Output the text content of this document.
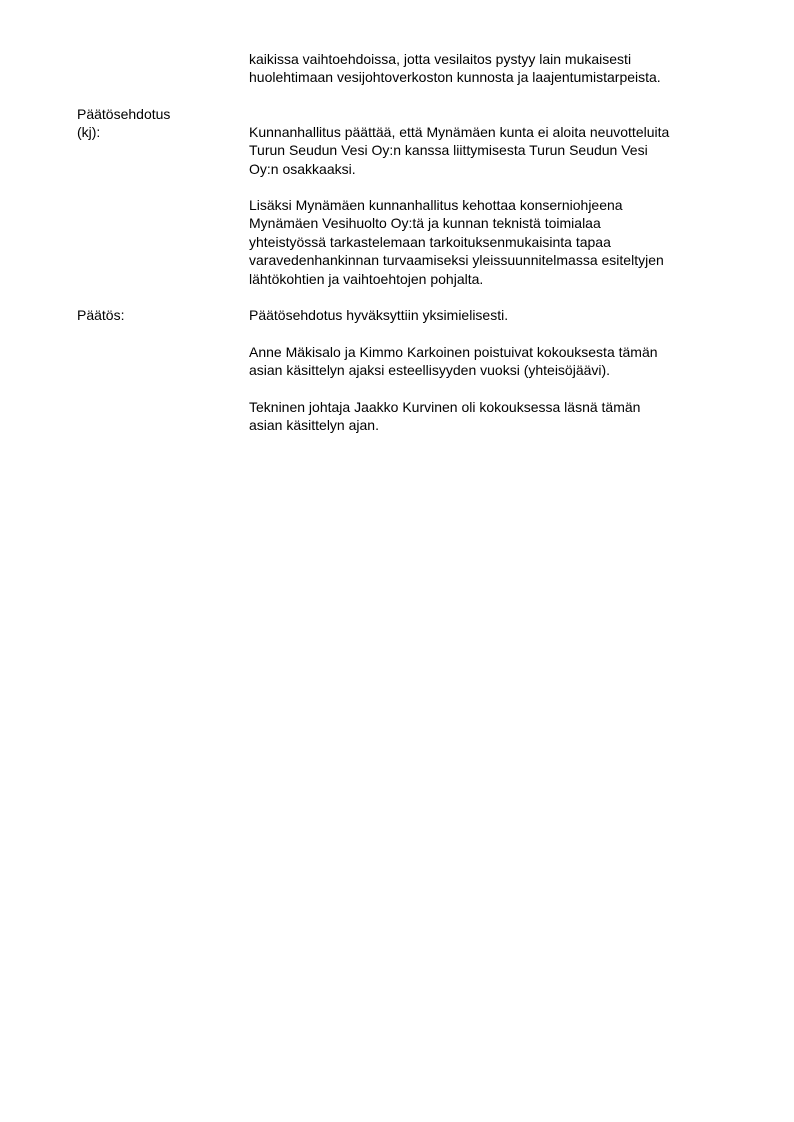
kaikissa vaihtoehdoissa, jotta vesilaitos pystyy lain mukaisesti
huolehtimaan vesijohtoverkoston kunnosta ja laajentumistarpeista.
Päätösehdotus
(kj):	Kunnanhallitus päättää, että Mynämäen kunta ei aloita neuvotteluita
Turun Seudun Vesi Oy:n kanssa liittymisesta Turun Seudun Vesi
Oy:n osakkaaksi.
Lisäksi Mynämäen kunnanhallitus kehottaa konserniohjeena
Mynämäen Vesihuolto Oy:tä ja kunnan teknistä toimialaa
yhteistyössä tarkastelemaan tarkoituksenmukaisinta tapaa
varavedenhankinnan turvaamiseksi yleissuunnitelmassa esiteltyjen
lähtökohtien ja vaihtoehtojen pohjalta.
Päätös:	Päätösehdotus hyväksyttiin yksimielisesti.
Anne Mäkisalo ja Kimmo Karkoinen poistuivat kokouksesta tämän
asian käsittelyn ajaksi esteellisyyden vuoksi (yhteisöjäävi).
Tekninen johtaja Jaakko Kurvinen oli kokouksessa läsnä tämän
asian käsittelyn ajan.
